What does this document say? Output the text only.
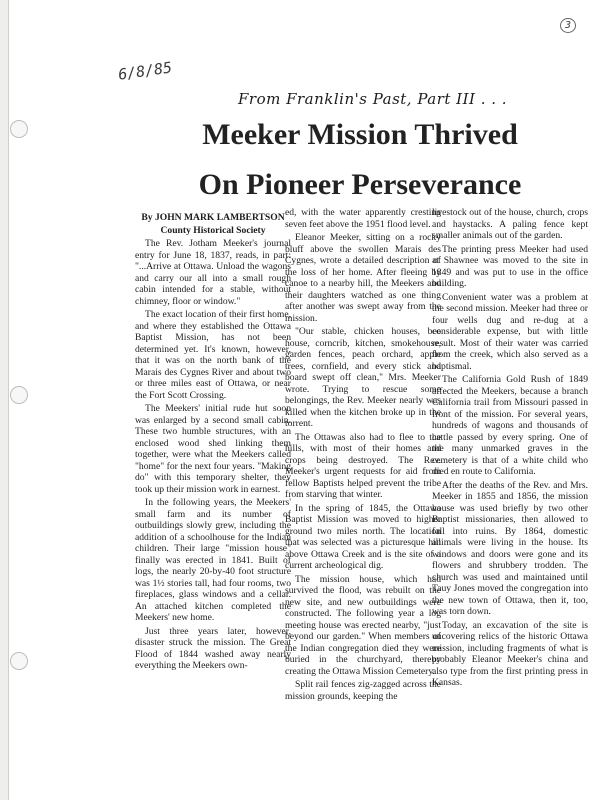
6/8/85
3
From Franklin's Past, Part III . . .
Meeker Mission Thrived
On Pioneer Perseverance
By JOHN MARK LAMBERTSON
County Historical Society

The Rev. Jotham Meeker's journal entry for June 18, 1837, reads, in part: "...Arrive at Ottawa. Unload the wagons and carry our all into a small rough cabin intended for a stable, without chimney, floor or window."

The exact location of their first home, and where they established the Ottawa Baptist Mission, has not been determined yet. It's known, however, that it was on the north bank of the Marais des Cygnes River and about two or three miles east of Ottawa, or near the Fort Scott Crossing.

The Meekers' initial rude hut soon was enlarged by a second small cabin. These two humble structures, with an enclosed wood shed linking them together, were what the Meekers called "home" for the next four years. "Making do" with this temporary shelter, they took up their mission work in earnest.

In the following years, the Meekers' small farm and its number of outbuildings slowly grew, including the addition of a schoolhouse for the Indian children. Their large "mission house" finally was erected in 1841. Built of logs, the nearly 20-by-40 foot structure was 1½ stories tall, had four rooms, two fireplaces, glass windows and a cellar. An attached kitchen completed the Meekers' new home.

Just three years later, however, disaster struck the mission. The Great Flood of 1844 washed away nearly everything the Meekers own-

ed, with the water apparently cresting seven feet above the 1951 flood level.

Eleanor Meeker, sitting on a rocky bluff above the swollen Marais des Cygnes, wrote a detailed description of the loss of her home. After fleeing by canoe to a nearby hill, the Meekers and their daughters watched as one thing after another was swept away from the mission.

"Our stable, chicken houses, bee house, corncrib, kitchen, smokehouse, garden fences, peach orchard, apple trees, cornfield, and every stick and board swept off clean," Mrs. Meeker wrote. Trying to rescue some belongings, the Rev. Meeker nearly was killed when the kitchen broke up in the torrent.

The Ottawas also had to flee to the hills, with most of their homes and crops being destroyed. The Rev. Meeker's urgent requests for aid from fellow Baptists helped prevent the tribe from starving that winter.

In the spring of 1845, the Ottawa Baptist Mission was moved to higher ground two miles north. The location that was selected was a picturesque hill above Ottawa Creek and is the site of a current archeological dig.

The mission house, which had survived the flood, was rebuilt on the new site, and new outbuildings were constructed. The following year a log meeting house was erected nearby, "just beyond our garden." When members of the Indian congregation died they were buried in the churchyard, thereby creating the Ottawa Mission Cemetery.

Split rail fences zig-zagged across the mission grounds, keeping the

livestock out of the house, church, crops and haystacks. A paling fence kept smaller animals out of the garden.

The printing press Meeker had used at Shawnee was moved to the site in 1849 and was put to use in the office building.

Convenient water was a problem at the second mission. Meeker had three or four wells dug and re-dug at a considerable expense, but with little result. Most of their water was carried from the creek, which also served as a baptismal.

The California Gold Rush of 1849 affected the Meekers, because a branch California trail from Missouri passed in front of the mission. For several years, hundreds of wagons and thousands of cattle passed by every spring. One of the many unmarked graves in the cemetery is that of a white child who died en route to California.

After the deaths of the Rev. and Mrs. Meeker in 1855 and 1856, the mission house was used briefly by two other Baptist missionaries, then allowed to fall into ruins. By 1864, domestic animals were living in the house. Its windows and doors were gone and its flowers and shrubbery trodden. The church was used and maintained until Tauy Jones moved the congregation into the new town of Ottawa, then it, too, was torn down.

Today, an excavation of the site is uncovering relics of the historic Ottawa mission, including fragments of what is probably Eleanor Meeker's china and also type from the first printing press in Kansas.
